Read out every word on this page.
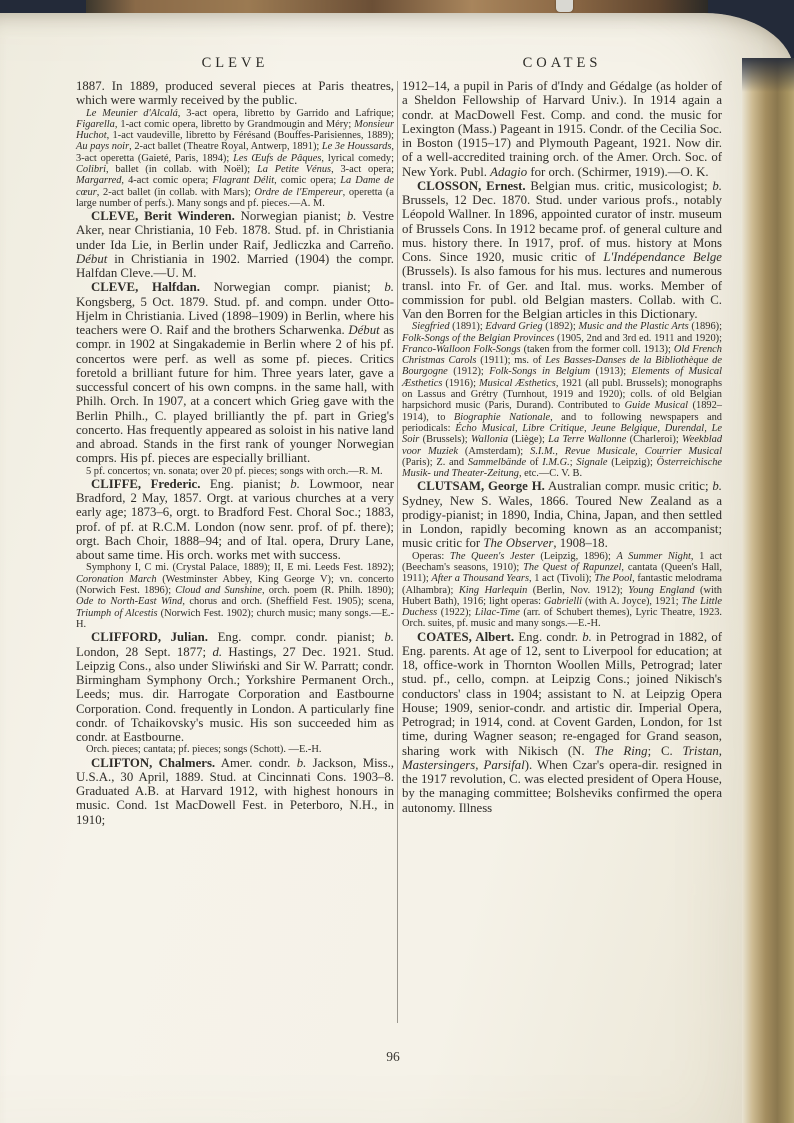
CLEVE	COATES

1887. In 1889, produced several pieces at Paris theatres, which were warmly received by the public.

Le Meunier d'Alcalá, 3-act opera, libretto by Garrido and Lafrique; Figarella, 1-act comic opera, libretto by Grandmougin and Méry; Monsieur Huchot, 1-act vaudeville, libretto by Férésand (Bouffes-Parisiennes, 1889); Au pays noir, 2-act ballet (Theatre Royal, Antwerp, 1891); Le 3e Houssards, 3-act operetta (Gaieté, Paris, 1894); Les Œufs de Pâques, lyrical comedy; Colibri, ballet (in collab. with Noël); La Petite Vénus, 3-act opera; Margarred, 4-act comic opera; Flagrant Délit, comic opera; La Dame de cœur, 2-act ballet (in collab. with Mars); Ordre de l'Empereur, operetta (a large number of perfs.). Many songs and pf. pieces.—A. M.

CLEVE, Berit Winderen. Norwegian pianist; b. Vestre Aker, near Christiania, 10 Feb. 1878. Stud. pf. in Christiania under Ida Lie, in Berlin under Raif, Jedliczka and Carreño. Début in Christiania in 1902. Married (1904) the compr. Halfdan Cleve.—U. M.

CLEVE, Halfdan. Norwegian compr. pianist; b. Kongsberg, 5 Oct. 1879. Stud. pf. and compn. under Otto-Hjelm in Christiania. Lived (1898–1909) in Berlin, where his teachers were O. Raif and the brothers Scharwenka. Début as compr. in 1902 at Singakademie in Berlin where 2 of his pf. concertos were perf. as well as some pf. pieces. Critics foretold a brilliant future for him. Three years later, gave a successful concert of his own compns. in the same hall, with Philh. Orch. In 1907, at a concert which Grieg gave with the Berlin Philh., C. played brilliantly the pf. part in Grieg's concerto. Has frequently appeared as soloist in his native land and abroad. Stands in the first rank of younger Norwegian comprs. His pf. pieces are especially brilliant.

5 pf. concertos; vn. sonata; over 20 pf. pieces; songs with orch.—R. M.

CLIFFE, Frederic. Eng. pianist; b. Lowmoor, near Bradford, 2 May, 1857. Orgt. at various churches at a very early age; 1873–6, orgt. to Bradford Fest. Choral Soc.; 1883, prof. of pf. at R.C.M. London (now senr. prof. of pf. there); orgt. Bach Choir, 1888–94; and of Ital. opera, Drury Lane, about same time. His orch. works met with success.

Symphony I, C mi. (Crystal Palace, 1889); II, E mi. Leeds Fest. 1892); Coronation March (Westminster Abbey, King George V); vn. concerto (Norwich Fest. 1896); Cloud and Sunshine, orch. poem (R. Philh. 1890); Ode to North-East Wind, chorus and orch. (Sheffield Fest. 1905); scena, Triumph of Alcestis (Norwich Fest. 1902); church music; many songs.—E.-H.

CLIFFORD, Julian. Eng. compr. condr. pianist; b. London, 28 Sept. 1877; d. Hastings, 27 Dec. 1921. Stud. Leipzig Cons., also under Sliwiński and Sir W. Parratt; condr. Birmingham Symphony Orch.; Yorkshire Permanent Orch., Leeds; mus. dir. Harrogate Corporation and Eastbourne Corporation. Cond. frequently in London. A particularly fine condr. of Tchaikovsky's music. His son succeeded him as condr. at Eastbourne.

Orch. pieces; cantata; pf. pieces; songs (Schott). —E.-H.

CLIFTON, Chalmers. Amer. condr. b. Jackson, Miss., U.S.A., 30 April, 1889. Stud. at Cincinnati Cons. 1903–8. Graduated A.B. at Harvard 1912, with highest honours in music. Cond. 1st MacDowell Fest. in Peterboro, N.H., in 1910;

1912–14, a pupil in Paris of d'Indy and Gédalge (as holder of a Sheldon Fellowship of Harvard Univ.). In 1914 again a condr. at MacDowell Fest. Comp. and cond. the music for Lexington (Mass.) Pageant in 1915. Condr. of the Cecilia Soc. in Boston (1915–17) and Plymouth Pageant, 1921. Now dir. of a well-accredited training orch. of the Amer. Orch. Soc. of New York. Publ. Adagio for orch. (Schirmer, 1919).—O. K.

CLOSSON, Ernest. Belgian mus. critic, musicologist; b. Brussels, 12 Dec. 1870. Stud. under various profs., notably Léopold Wallner. In 1896, appointed curator of instr. museum of Brussels Cons. In 1912 became prof. of general culture and mus. history there. In 1917, prof. of mus. history at Mons Cons. Since 1920, music critic of L'Indépendance Belge (Brussels). Is also famous for his mus. lectures and numerous transl. into Fr. of Ger. and Ital. mus. works. Member of commission for publ. old Belgian masters. Collab. with C. Van den Borren for the Belgian articles in this Dictionary.

Siegfried (1891); Edvard Grieg (1892); Music and the Plastic Arts (1896); Folk-Songs of the Belgian Provinces (1905, 2nd and 3rd ed. 1911 and 1920); Franco-Walloon Folk-Songs (taken from the former coll. 1913); Old French Christmas Carols (1911); ms. of Les Basses-Danses de la Bibliothèque de Bourgogne (1912); Folk-Songs in Belgium (1913); Elements of Musical Æsthetics (1916); Musical Æsthetics, 1921 (all publ. Brussels); monographs on Lassus and Grétry (Turnhout, 1919 and 1920); colls. of old Belgian harpsichord music (Paris, Durand). Contributed to Guide Musical (1892–1914), to Biographie Nationale, and to following newspapers and periodicals: Écho Musical, Libre Critique, Jeune Belgique, Durendal, Le Soir (Brussels); Wallonia (Liège); La Terre Wallonne (Charleroi); Weekblad voor Muziek (Amsterdam); S.I.M., Revue Musicale, Courrier Musical (Paris); Z. and Sammelbände of I.M.G.; Signale (Leipzig); Österreichische Musik- und Theater-Zeitung, etc.—C. V. B.

CLUTSAM, George H. Australian compr. music critic; b. Sydney, New S. Wales, 1866. Toured New Zealand as a prodigy-pianist; in 1890, India, China, Japan, and then settled in London, rapidly becoming known as an accompanist; music critic for The Observer, 1908–18.

Operas: The Queen's Jester (Leipzig, 1896); A Summer Night, 1 act (Beecham's seasons, 1910); The Quest of Rapunzel, cantata (Queen's Hall, 1911); After a Thousand Years, 1 act (Tivoli); The Pool, fantastic melodrama (Alhambra); King Harlequin (Berlin, Nov. 1912); Young England (with Hubert Bath), 1916; light operas: Gabrielli (with A. Joyce), 1921; The Little Duchess (1922); Lilac-Time (arr. of Schubert themes), Lyric Theatre, 1923. Orch. suites, pf. music and many songs.—E.-H.

COATES, Albert. Eng. condr. b. in Petrograd in 1882, of Eng. parents. At age of 12, sent to Liverpool for education; at 18, office-work in Thornton Woollen Mills, Petrograd; later stud. pf., cello, compn. at Leipzig Cons.; joined Nikisch's conductors' class in 1904; assistant to N. at Leipzig Opera House; 1909, senior-condr. and artistic dir. Imperial Opera, Petrograd; in 1914, cond. at Covent Garden, London, for 1st time, during Wagner season; re-engaged for Grand season, sharing work with Nikisch (N. The Ring; C. Tristan, Mastersingers, Parsifal). When Czar's opera-dir. resigned in the 1917 revolution, C. was elected president of Opera House, by the managing committee; Bolsheviks confirmed the opera autonomy. Illness

96
